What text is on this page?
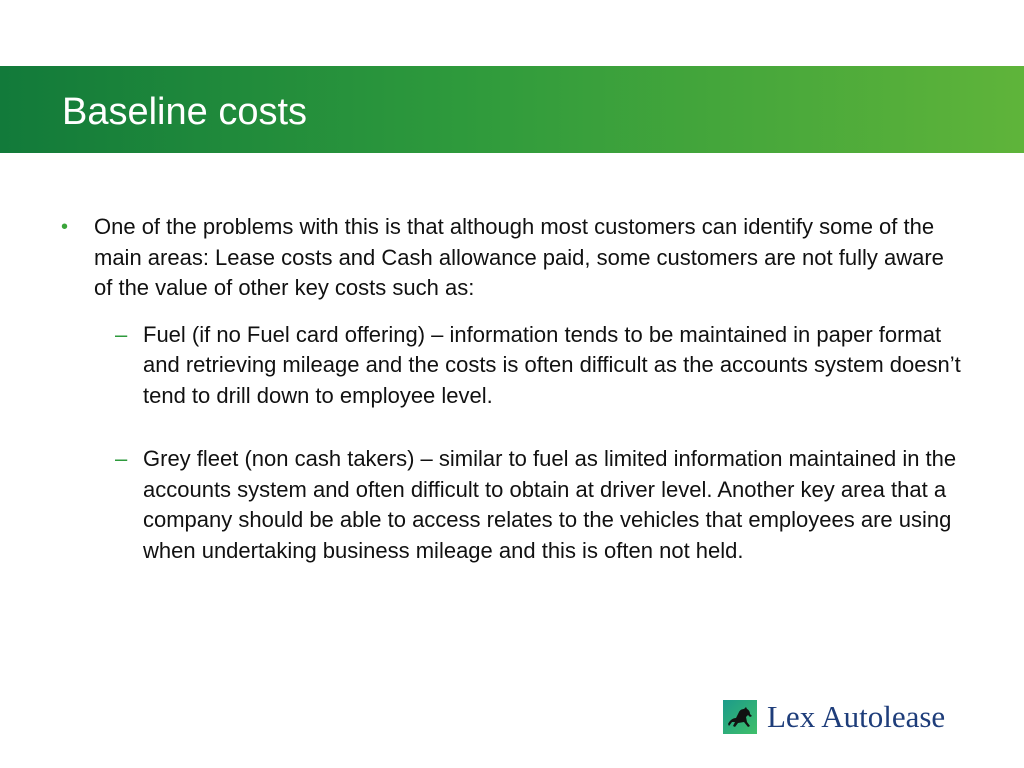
Baseline costs

• One of the problems with this is that although most customers can identify some of the main areas: Lease costs and Cash allowance paid, some customers are not fully aware of the value of other key costs such as:

– Fuel (if no Fuel card offering) – information tends to be maintained in paper format and retrieving mileage and the costs is often difficult as the accounts system doesn’t tend to drill down to employee level.

– Grey fleet (non cash takers) – similar to fuel as limited information maintained in the accounts system and often difficult to obtain at driver level. Another key area that a company should be able to access relates to the vehicles that employees are using when undertaking business mileage and this is often not held.

Lex Autolease
